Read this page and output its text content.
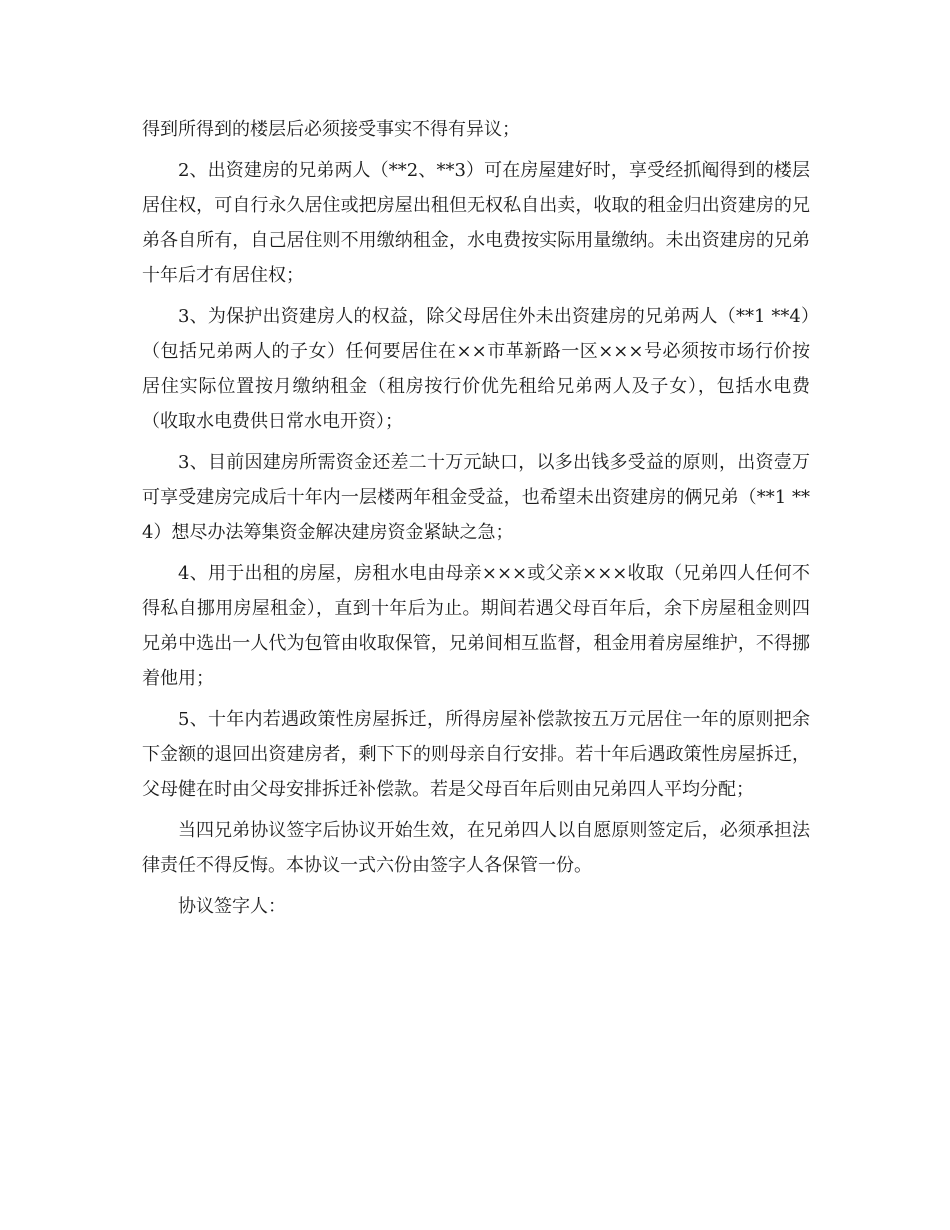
得到所得到的楼层后必须接受事实不得有异议；

2、出资建房的兄弟两人（**2、**3）可在房屋建好时，享受经抓阄得到的楼层居住权，可自行永久居住或把房屋出租但无权私自出卖，收取的租金归出资建房的兄弟各自所有，自己居住则不用缴纳租金，水电费按实际用量缴纳。未出资建房的兄弟十年后才有居住权；

3、为保护出资建房人的权益，除父母居住外未出资建房的兄弟两人（**1 **4）（包括兄弟两人的子女）任何要居住在××市革新路一区×××号必须按市场行价按居住实际位置按月缴纳租金（租房按行价优先租给兄弟两人及子女），包括水电费（收取水电费供日常水电开资）；

3、目前因建房所需资金还差二十万元缺口，以多出钱多受益的原则，出资壹万可享受建房完成后十年内一层楼两年租金受益，也希望未出资建房的俩兄弟（**1 **4）想尽办法筹集资金解决建房资金紧缺之急；

4、用于出租的房屋，房租水电由母亲×××或父亲×××收取（兄弟四人任何不得私自挪用房屋租金），直到十年后为止。期间若遇父母百年后，余下房屋租金则四兄弟中选出一人代为包管由收取保管，兄弟间相互监督，租金用着房屋维护，不得挪着他用；

5、十年内若遇政策性房屋拆迁，所得房屋补偿款按五万元居住一年的原则把余下金额的退回出资建房者，剩下下的则母亲自行安排。若十年后遇政策性房屋拆迁，父母健在时由父母安排拆迁补偿款。若是父母百年后则由兄弟四人平均分配；

当四兄弟协议签字后协议开始生效，在兄弟四人以自愿原则签定后，必须承担法律责任不得反悔。本协议一式六份由签字人各保管一份。

协议签字人：
